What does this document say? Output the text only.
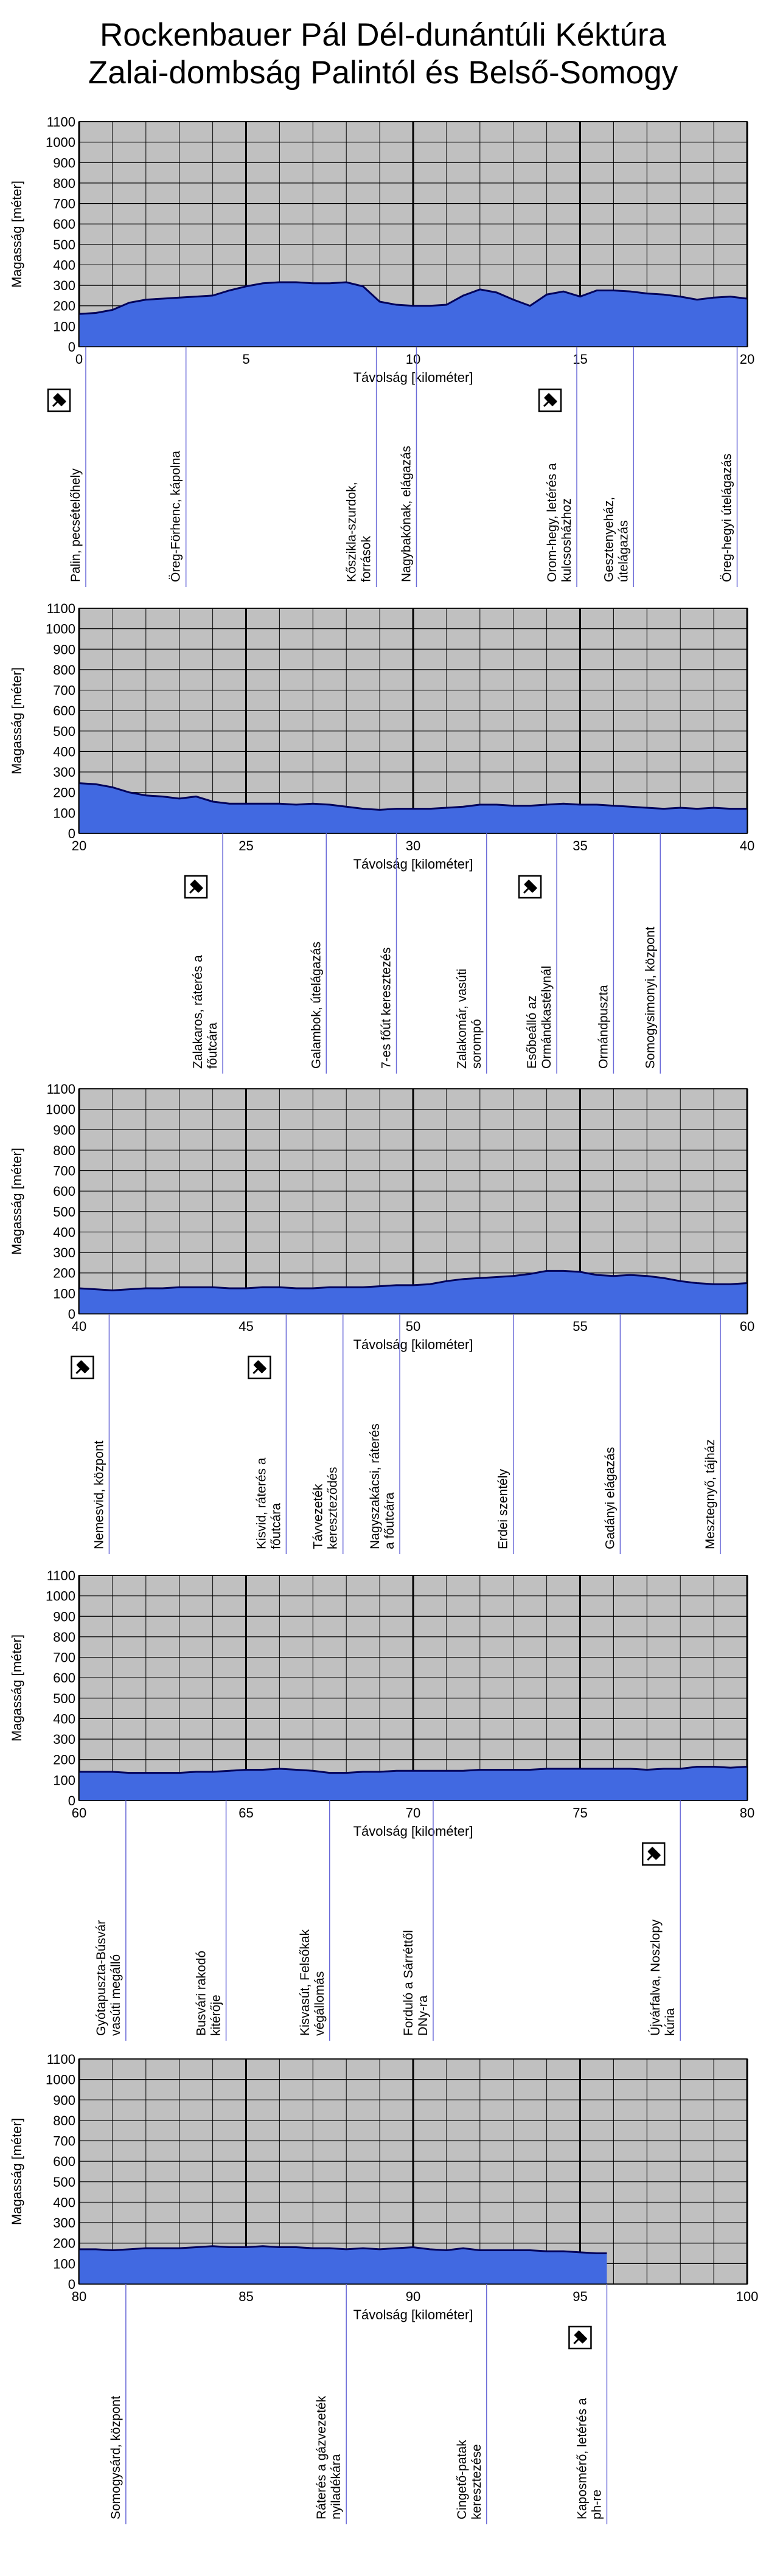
Rockenbauer Pál Dél-dunántúli Kéktúra
Zalai-dombság Palintól és Belső-Somogy
0
100
200
300
400
500
600
700
800
900
1000
1100
0	5	10	15	20
Magasság [méter]
Távolság [kilométer]
Palin, pecsételőhely	Öreg-Förhenc, kápolna	Kőszikla-szurdok,források Nagybakónak, elágazás	Orom-hegy, letérés akulcsosházhoz Gesztenyeház,útelágazás	Öreg-hegyi útelágazás
0
100
200
300
400
500
600
700
800
900
1000
1100
20	25	30	35	40
Magasság [méter]
Távolság [kilométer]
Zalakaros, ráterés afőutcára	Galambok, útelágazás	7-es főút keresztezés	Zalakomár, vasútisorompó	Esőbeálló azOrmándkastélynál	Ormándpuszta	Somogysimonyi, központ
0
100
200
300
400
500
600
700
800
900
1000
1100
40	45	50	55	60
Magasság [méter]
Távolság [kilométer]
Nemesvid, központ	Kisvid, ráterés afőutcára Távvezetékkereszteződés Nagyszakácsi, ráterésa főutcára	Erdei szentély	Gadányi elágazás	Mesztegnyő, tájház
0
100
200
300
400
500
600
700
800
900
1000
1100
60	65	70	75	80
Magasság [méter]
Távolság [kilométer]
Gyótapuszta-Búsvárvasúti megálló	Busvári rakodókitérője	Kisvasút, Felsőkakvégállomás	Forduló a SárréttőlDNy-ra	Újvárfalva, Noszlopykúria
0
100
200
300
400
500
600
700
800
900
1000
1100
80	85	90	95	100
Magasság [méter]
Távolság [kilométer]
Somogysárd, központ	Ráterés a gázvezetéknyiladékára	Cingető-patakkeresztezése	Kaposmérő, letérés aph-re
